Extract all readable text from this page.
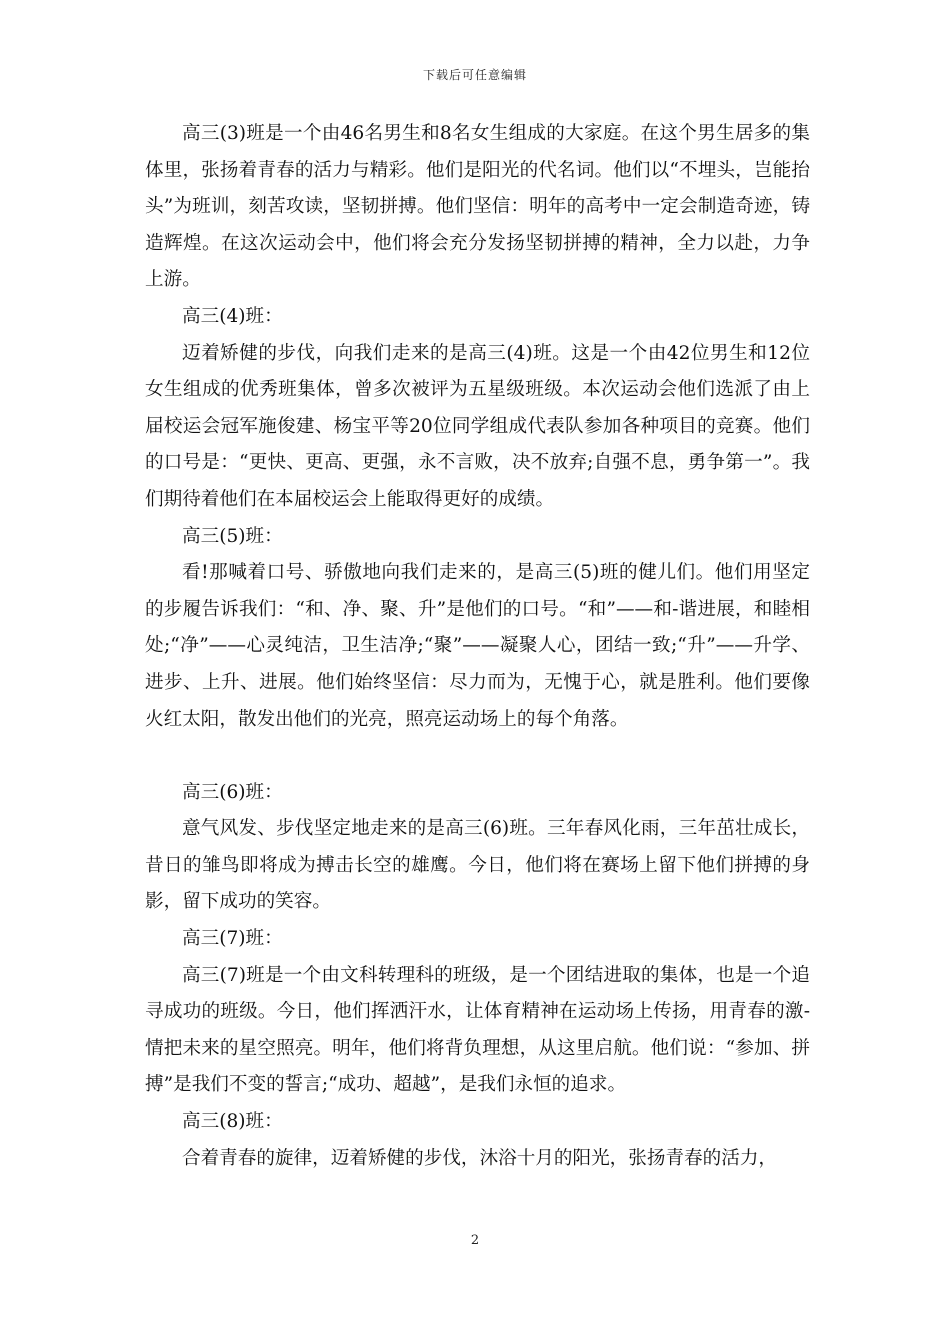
下载后可任意编辑

高三(3)班是一个由46名男生和8名女生组成的大家庭。在这个男生居多的集体里，张扬着青春的活力与精彩。他们是阳光的代名词。他们以“不埋头，岂能抬头”为班训，刻苦攻读，坚韧拼搏。他们坚信：明年的高考中一定会制造奇迹，铸造辉煌。在这次运动会中，他们将会充分发扬坚韧拼搏的精神，全力以赴，力争上游。

高三(4)班：

迈着矫健的步伐，向我们走来的是高三(4)班。这是一个由42位男生和12位女生组成的优秀班集体，曾多次被评为五星级班级。本次运动会他们选派了由上届校运会冠军施俊建、杨宝平等20位同学组成代表队参加各种项目的竞赛。他们的口号是：“更快、更高、更强，永不言败，决不放弃;自强不息，勇争第一”。我们期待着他们在本届校运会上能取得更好的成绩。

高三(5)班：

看!那喊着口号、骄傲地向我们走来的，是高三(5)班的健儿们。他们用坚定的步履告诉我们：“和、净、聚、升”是他们的口号。“和”——和-谐进展，和睦相处;“净”——心灵纯洁，卫生洁净;“聚”——凝聚人心，团结一致;“升”——升学、进步、上升、进展。他们始终坚信：尽力而为，无愧于心，就是胜利。他们要像火红太阳，散发出他们的光亮，照亮运动场上的每个角落。

高三(6)班：

意气风发、步伐坚定地走来的是高三(6)班。三年春风化雨，三年茁壮成长，昔日的雏鸟即将成为搏击长空的雄鹰。今日，他们将在赛场上留下他们拼搏的身影，留下成功的笑容。

高三(7)班：

高三(7)班是一个由文科转理科的班级，是一个团结进取的集体，也是一个追寻成功的班级。今日，他们挥洒汗水，让体育精神在运动场上传扬，用青春的激-情把未来的星空照亮。明年，他们将背负理想，从这里启航。他们说：“参加、拼搏”是我们不变的誓言;“成功、超越”，是我们永恒的追求。

高三(8)班：

合着青春的旋律，迈着矫健的步伐，沐浴十月的阳光，张扬青春的活力，

2
